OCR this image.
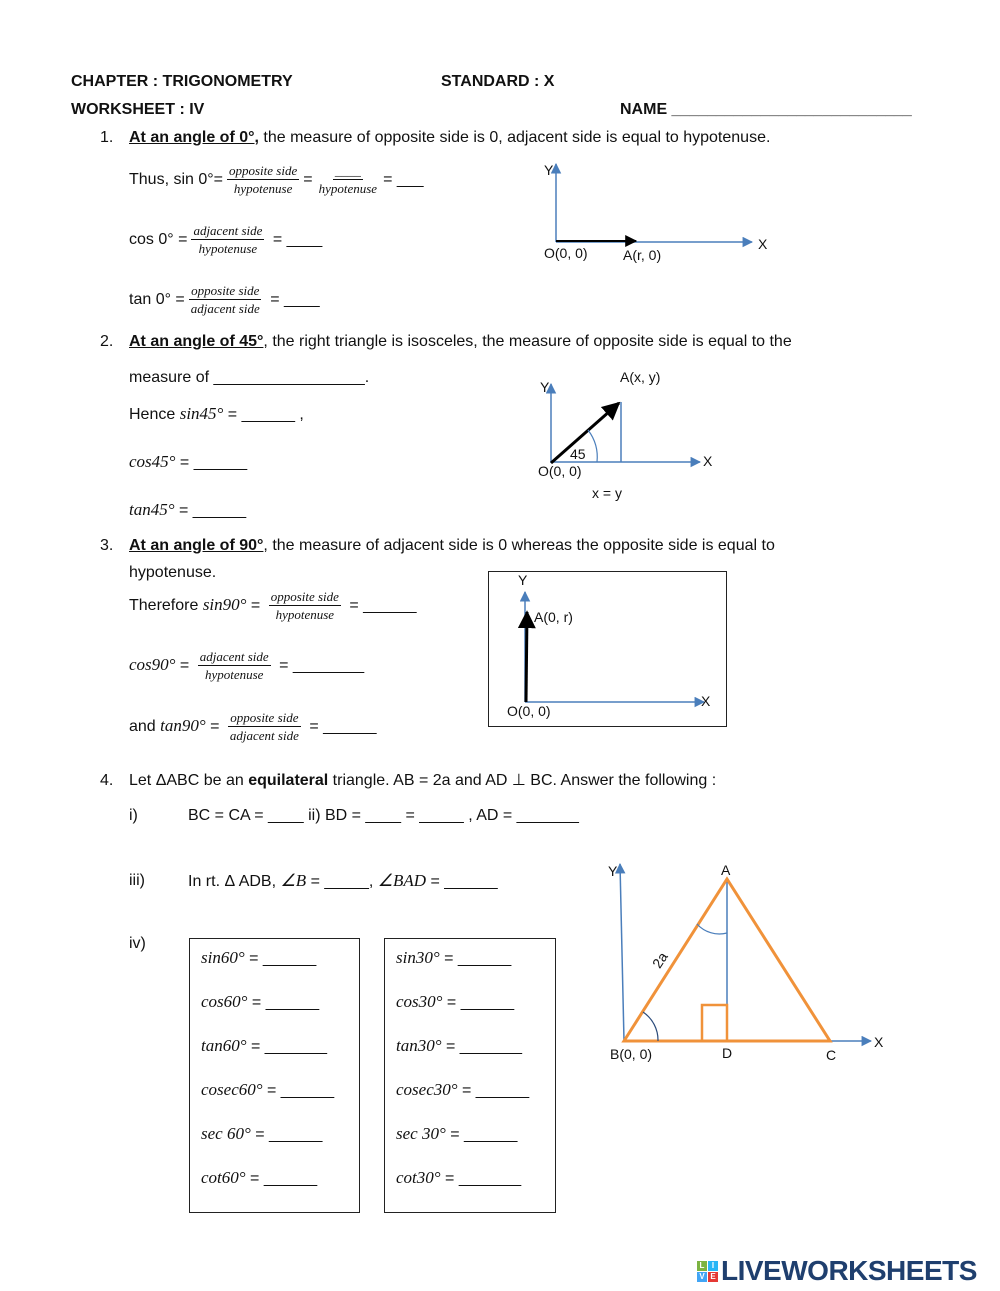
CHAPTER : TRIGONOMETRY	STANDARD : X
WORKSHEET : IV	NAME ___________________________
1. At an angle of 0°, the measure of opposite side is 0, adjacent side is equal to hypotenuse.
Thus, $\sin 0^\circ= \frac{\text{opposite side}}{\text{hypotenuse}} = \frac{\_\_\_\_}{\text{hypotenuse}}$ = ___
$\cos 0^\circ = \frac{\text{adjacent side}}{\text{hypotenuse}}$ = ____
$\tan 0^\circ = \frac{\text{opposite side}}{\text{adjacent side}}$ = ____
2. At an angle of 45°, the right triangle is isosceles, the measure of opposite side is equal to the
measure of _________________.
Hence sin45° = ______ ,
cos45° = ______
tan45° = ______
3. At an angle of 90°, the measure of adjacent side is 0 whereas the opposite side is equal to
hypotenuse.
Therefore $\sin 90^\circ = \frac{\text{opposite side}}{\text{hypotenuse}}$ = ______
$\cos 90^\circ = \frac{\text{adjacent side}}{\text{hypotenuse}}$ = ________
and $\tan 90^\circ = \frac{\text{opposite side}}{\text{adjacent side}}$ = ______
4. Let ΔABC be an equilateral triangle. AB = 2a and AD ⊥ BC. Answer the following :
i)	BC = CA = ____ ii) BD = ____ = _____ , AD = _______
iii)	In rt. Δ ADB, ∠B = _____, ∠BAD = ______
iv)
sin60° = ______
cos60° = ______
tan60° = _______
cosec60° = ______
sec 60° = ______
cot60° = ______
sin30° = ______
cos30° = ______
tan30° = _______
cosec30° = ______
sec 30° = ______
cot30° = _______
Y
X
O(0, 0)	A(r, 0)
Y
A(x, y)
45
O(0, 0)
X
x = y
Y
A(0, r)
O(0, 0)
X
Y	A
X
B(0, 0)	D	C
2a
L I
V E LIVEWORKSHEETS
